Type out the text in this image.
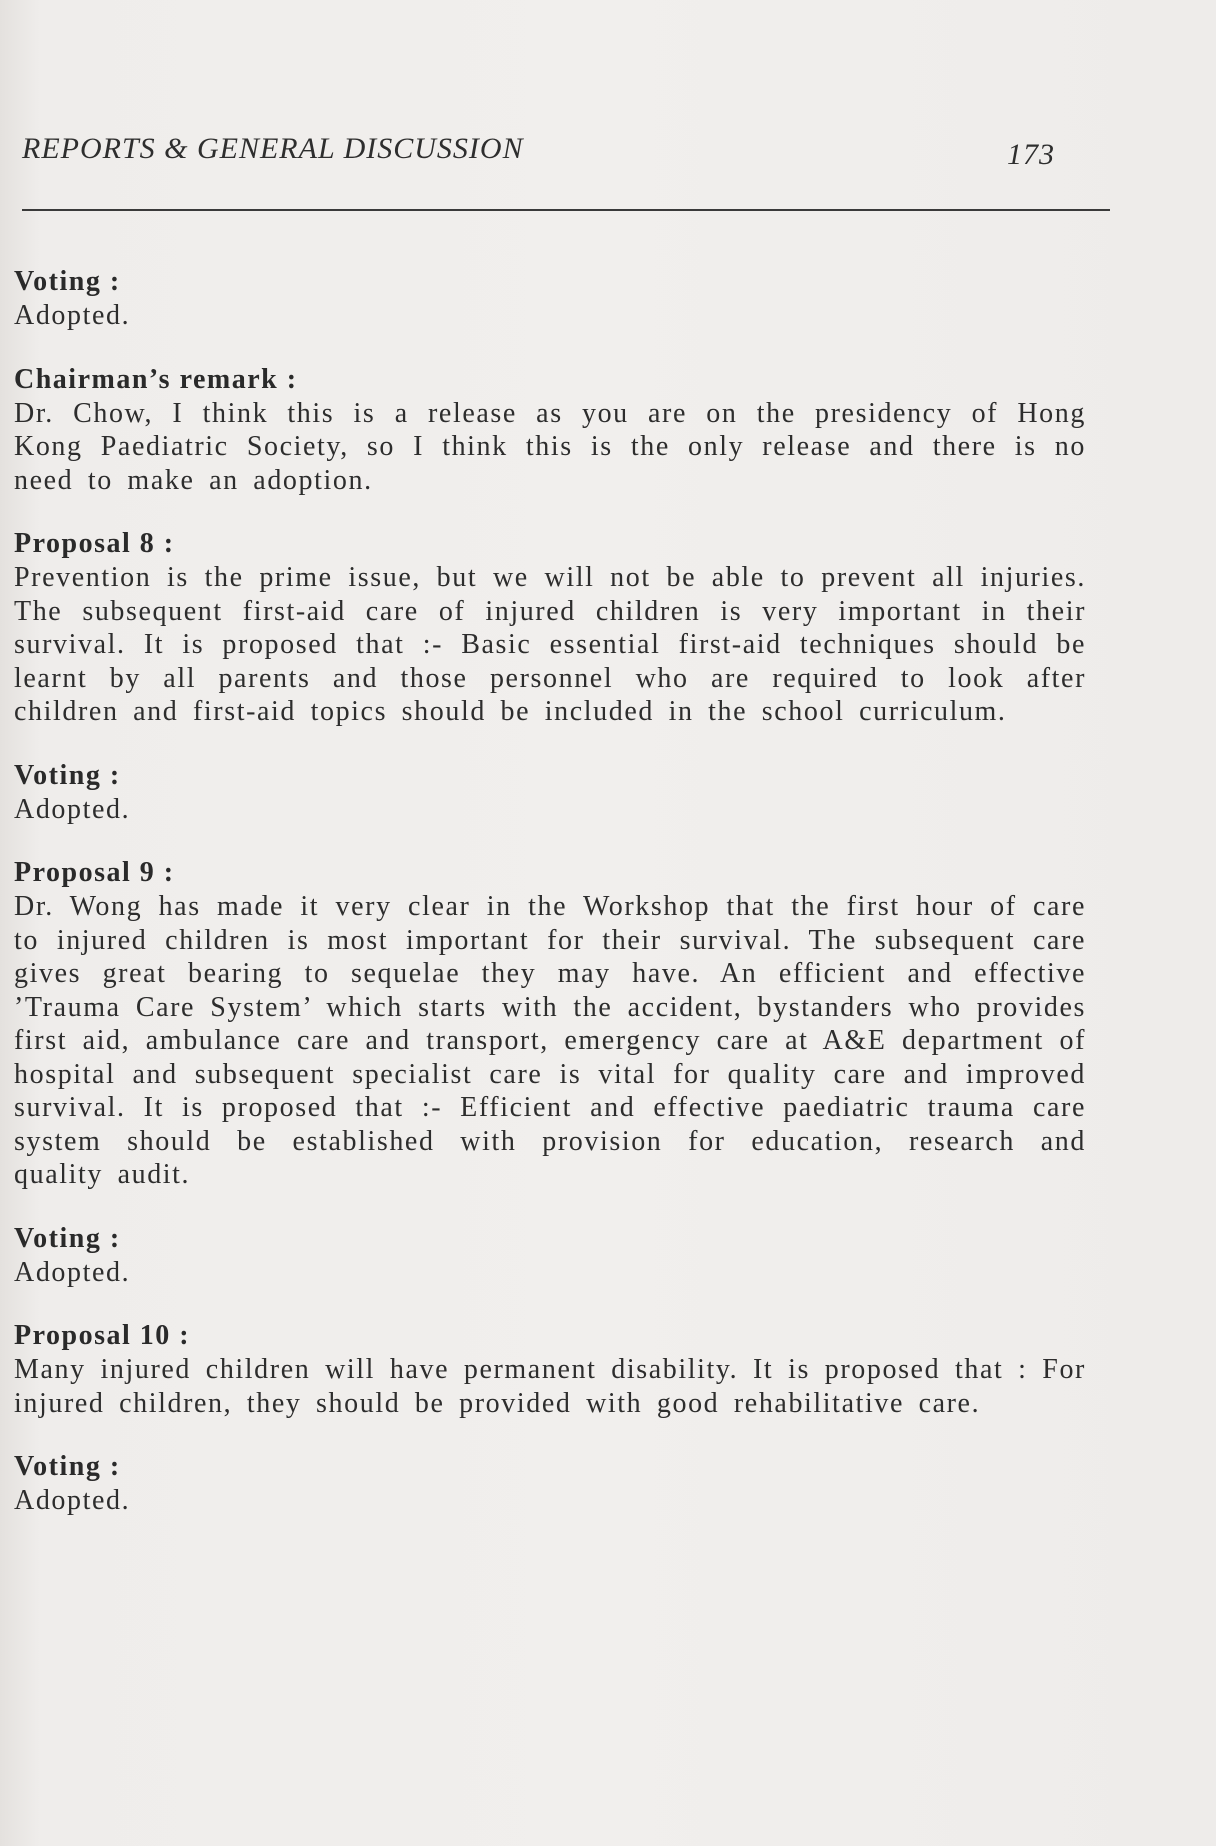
REPORTS & GENERAL DISCUSSION	173
Voting :
Adopted.
Chairman’s remark :
Dr. Chow, I think this is a release as you are on the presidency of Hong Kong Paediatric Society, so I think this is the only release and there is no need to make an adoption.
Proposal 8 :
Prevention is the prime issue, but we will not be able to prevent all injuries. The subsequent first-aid care of injured children is very important in their survival. It is proposed that :- Basic essential first-aid techniques should be learnt by all parents and those personnel who are required to look after children and first-aid topics should be included in the school curriculum.
Voting :
Adopted.
Proposal 9 :
Dr. Wong has made it very clear in the Workshop that the first hour of care to injured children is most important for their survival. The subsequent care gives great bearing to sequelae they may have. An efficient and effective ’Trauma Care System’ which starts with the accident, bystanders who provides first aid, ambulance care and transport, emergency care at A&E department of hospital and subsequent specialist care is vital for quality care and improved survival. It is proposed that :- Efficient and effective paediatric trauma care system should be established with provision for education, research and quality audit.
Voting :
Adopted.
Proposal 10 :
Many injured children will have permanent disability. It is proposed that : For injured children, they should be provided with good rehabilitative care.
Voting :
Adopted.
